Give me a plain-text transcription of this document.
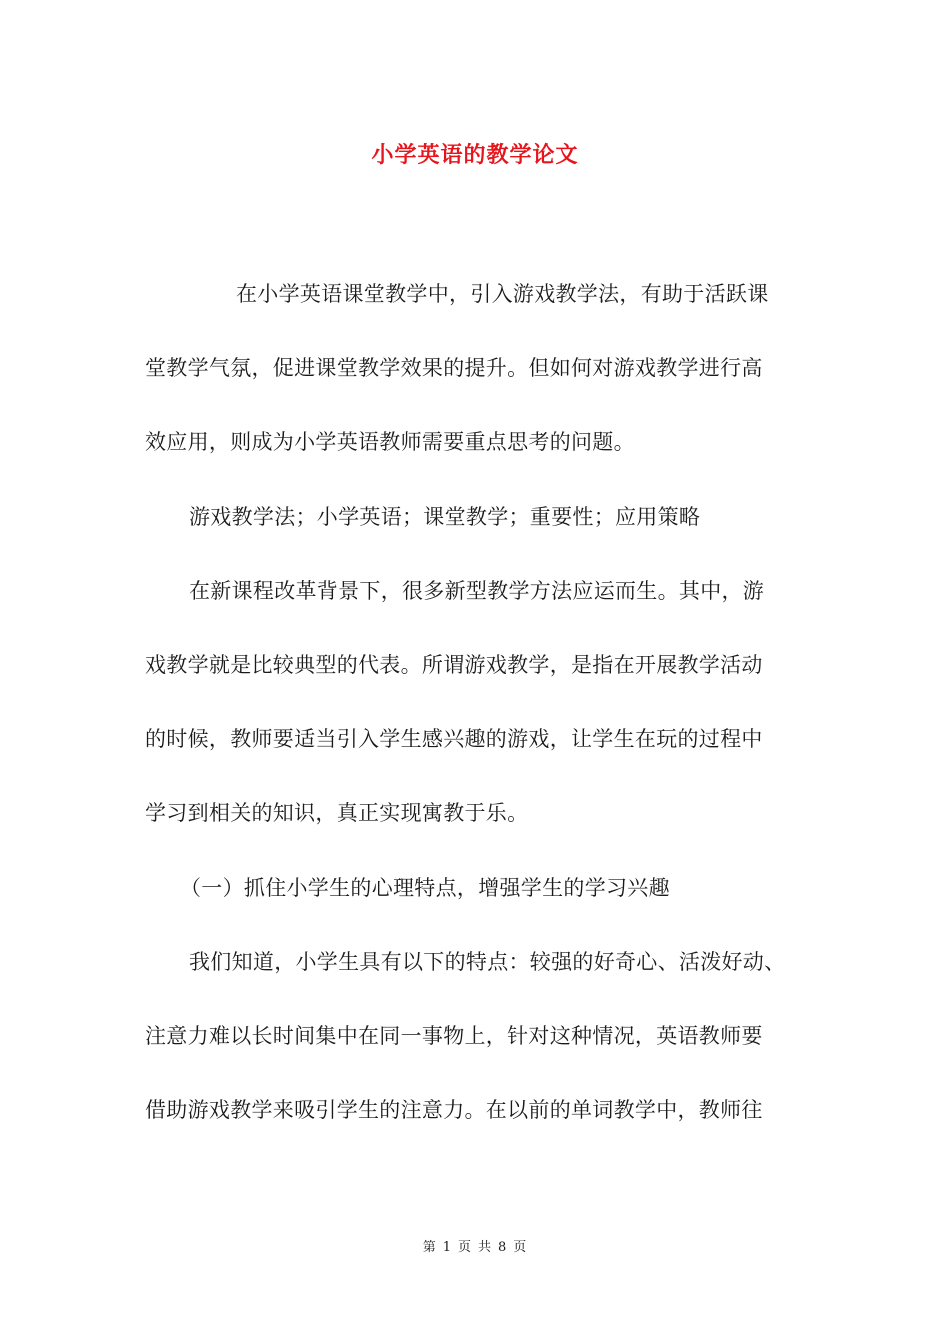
小学英语的教学论文
在小学英语课堂教学中，引入游戏教学法，有助于活跃课
堂教学气氛，促进课堂教学效果的提升。但如何对游戏教学进行高
效应用，则成为小学英语教师需要重点思考的问题。
游戏教学法；小学英语；课堂教学；重要性；应用策略
在新课程改革背景下，很多新型教学方法应运而生。其中，游
戏教学就是比较典型的代表。所谓游戏教学，是指在开展教学活动
的时候，教师要适当引入学生感兴趣的游戏，让学生在玩的过程中
学习到相关的知识，真正实现寓教于乐。
（一）抓住小学生的心理特点，增强学生的学习兴趣
我们知道，小学生具有以下的特点：较强的好奇心、活泼好动、
注意力难以长时间集中在同一事物上，针对这种情况，英语教师要
借助游戏教学来吸引学生的注意力。在以前的单词教学中，教师往
第 1 页 共 8 页
